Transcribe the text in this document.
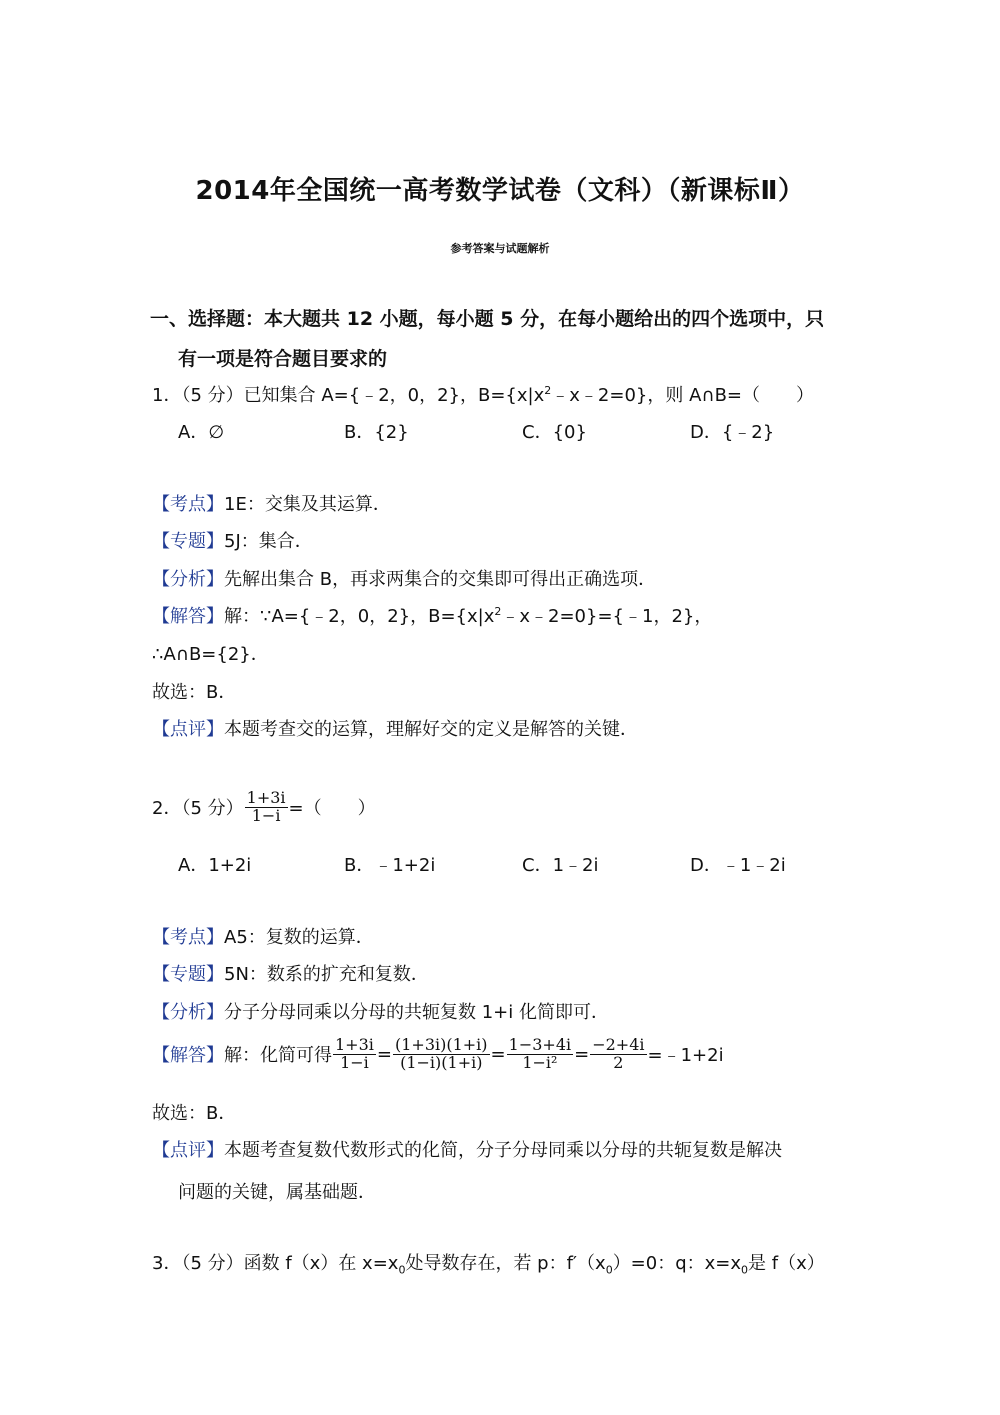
2014年全国统一高考数学试卷（文科）（新课标Ⅱ）
参考答案与试题解析
一、选择题：本大题共 12 小题，每小题 5 分，在每小题给出的四个选项中，只
有一项是符合题目要求的
1．（5 分）已知集合 A={﹣2，0，2}，$B=\{x|x^2﹣x﹣2=0\}$，则 A∩B=（　　）
A．∅	B．{2}	C．{0}	D．{﹣2}
【考点】1E：交集及其运算．
【专题】5J：集合．
【分析】先解出集合 B，再求两集合的交集即可得出正确选项．
【解答】解：∵A={﹣2，0，2}，$B=\{x|x^2﹣x﹣2=0\}=\{﹣1$，2}，
∴A∩B={2}．
故选：B．
【点评】本题考查交的运算，理解好交的定义是解答的关键．
2．（5 分） $\frac{1+3i}{1-i}$ =（　　）
A．1+2i	B．﹣1+2i	C．1﹣2i	D．﹣1﹣2i
【考点】A5：复数的运算．
【专题】5N：数系的扩充和复数．
【分析】分子分母同乘以分母的共轭复数 1+i 化简即可．
【解答】 解：化简可得 $\frac{1+3i}{1-i} = \frac{(1+3i)(1+i)}{(1-i)(1+i)} = \frac{1-3+4i}{\text{1−i²}} = \frac{-2+4i}{2}$ =﹣1+2i
故选：B．
【点评】本题考查复数代数形式的化简，分子分母同乘以分母的共轭复数是解决
问题的关键，属基础题．
3．（5 分）函数 f（x）在 $x=x_0$处导数存在，若 p：$f'(x_0)=0$：q：$x=x_0$是 f（x）
